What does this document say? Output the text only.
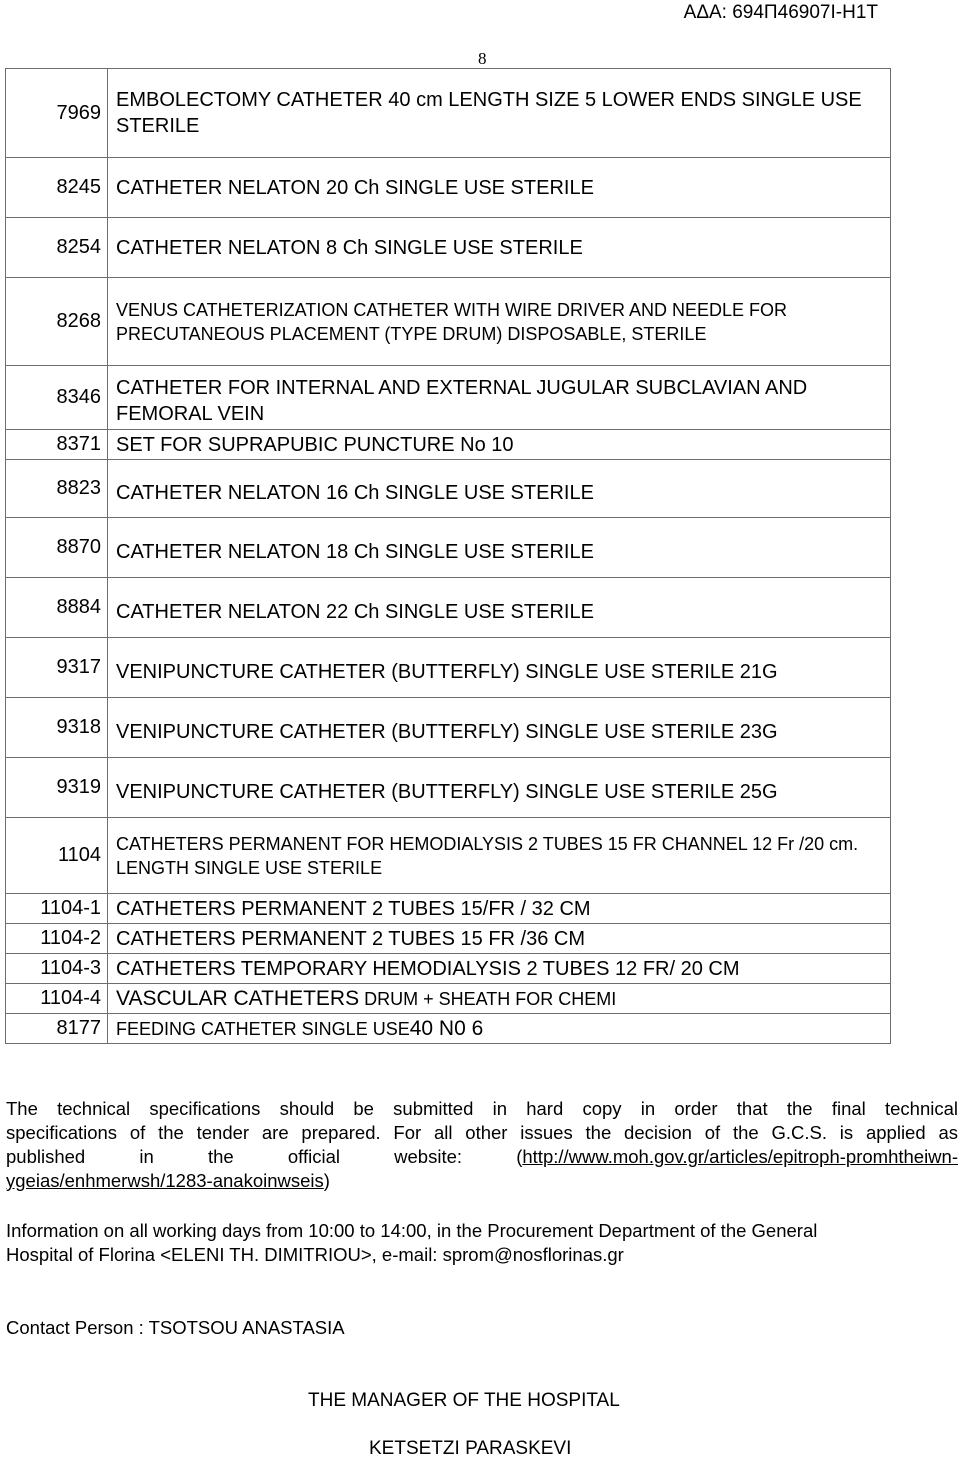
ΑΔΑ: 694Π46907Ι-Η1Τ
8
7969	EMBOLECTOMY CATHETER 40 cm LENGTH SIZE 5 LOWER ENDS SINGLE USE STERILE
8245	CATHETER NELATON 20 Ch SINGLE USE STERILE
8254	CATHETER NELATON 8 Ch SINGLE USE STERILE
8268	VENUS CATHETERIZATION CATHETER WITH WIRE DRIVER AND NEEDLE FOR PRECUTANEOUS PLACEMENT (TYPE DRUM) DISPOSABLE, STERILE
8346	CATHETER FOR INTERNAL AND EXTERNAL JUGULAR SUBCLAVIAN AND FEMORAL VEIN
8371	SET FOR SUPRAPUBIC PUNCTURE No 10
8823	CATHETER NELATON 16 Ch SINGLE USE STERILE
8870	CATHETER NELATON 18 Ch SINGLE USE STERILE
8884	CATHETER NELATON 22 Ch SINGLE USE STERILE
9317	VENIPUNCTURE CATHETER (BUTTERFLY) SINGLE USE STERILE 21G
9318	VENIPUNCTURE CATHETER (BUTTERFLY) SINGLE USE STERILE 23G
9319	VENIPUNCTURE CATHETER (BUTTERFLY) SINGLE USE STERILE 25G
1104	CATHETERS PERMANENT FOR HEMODIALYSIS 2 TUBES 15 FR CHANNEL 12 Fr /20 cm. LENGTH SINGLE USE STERILE
1104-1	CATHETERS PERMANENT 2 TUBES 15/FR / 32 CM
1104-2	CATHETERS PERMANENT 2 TUBES 15 FR /36 CM
1104-3	CATHETERS TEMPORARY HEMODIALYSIS 2 TUBES 12 FR/ 20 CM
1104-4	VASCULAR CATHETERS DRUM + SHEATH FOR CHEMI
8177	FEEDING CATHETER SINGLE USE40 N0 6
The technical specifications should be submitted in hard copy in order that the final technical
specifications of the tender are prepared. For all other issues the decision of the G.C.S. is applied as
published in the official website: (http://www.moh.gov.gr/articles/epitroph-promhtheiwn-
ygeias/enhmerwsh/1283-anakoinwseis)
Information on all working days from 10:00 to 14:00, in the Procurement Department of the General
Hospital of Florina <ELENI TH. DIMITRIOU>, e-mail: sprom@nosflorinas.gr
Contact Person : TSOTSOU ANASTASIA
THE MANAGER OF THE HOSPITAL
KETSETZI PARASKEVI
